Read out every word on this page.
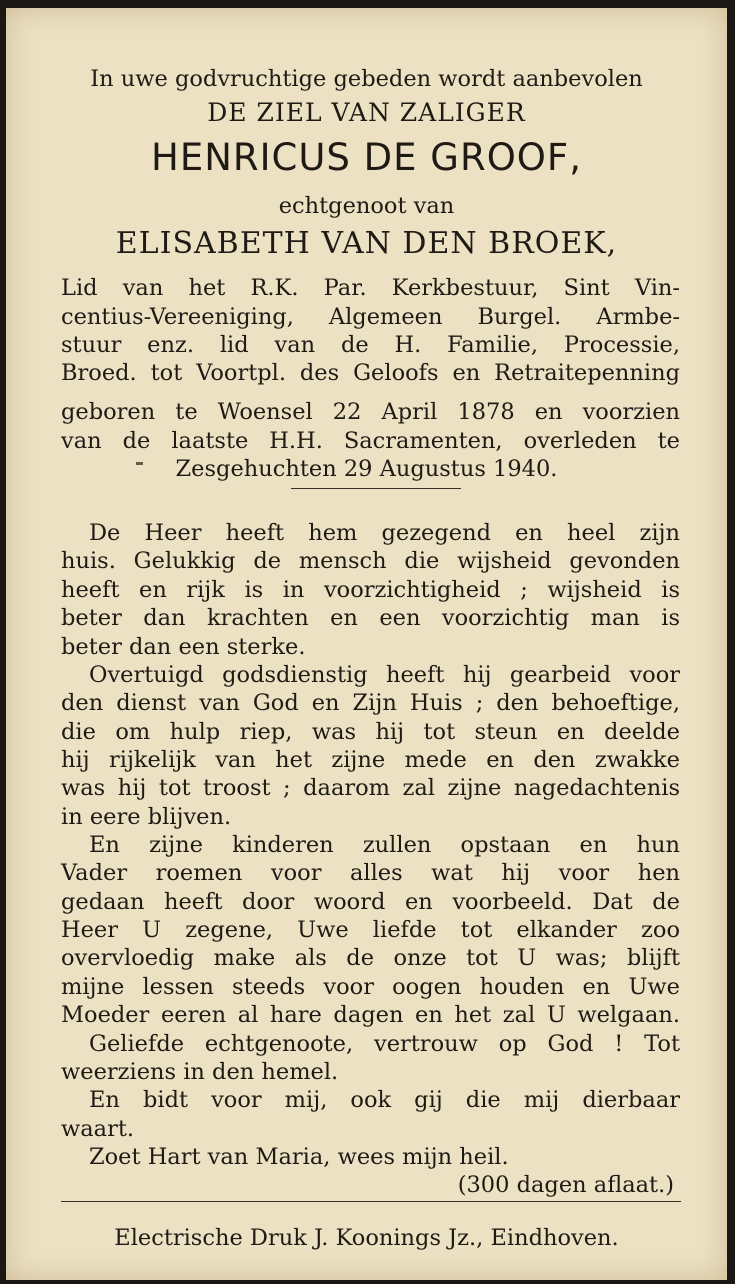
In uwe godvruchtige gebeden wordt aanbevolen
DE ZIEL VAN ZALIGER
HENRICUS DE GROOF,
echtgenoot van
ELISABETH VAN DEN BROEK,
Lid van het R.K. Par. Kerkbestuur, Sint Vin-
centius-Vereeniging, Algemeen Burgel. Armbe-
stuur enz. lid van de H. Familie, Processie,
Broed. tot Voortpl. des Geloofs en Retraitepenning
geboren te Woensel 22 April 1878 en voorzien
van de laatste H.H. Sacramenten, overleden te
Zesgehuchten 29 Augustus 1940.
De Heer heeft hem gezegend en heel zijn
huis. Gelukkig de mensch die wijsheid gevonden
heeft en rijk is in voorzichtigheid ; wijsheid is
beter dan krachten en een voorzichtig man is
beter dan een sterke.
Overtuigd godsdienstig heeft hij gearbeid voor
den dienst van God en Zijn Huis ; den behoeftige,
die om hulp riep, was hij tot steun en deelde
hij rijkelijk van het zijne mede en den zwakke
was hij tot troost ; daarom zal zijne nagedachtenis
in eere blijven.
En zijne kinderen zullen opstaan en hun
Vader roemen voor alles wat hij voor hen
gedaan heeft door woord en voorbeeld. Dat de
Heer U zegene, Uwe liefde tot elkander zoo
overvloedig make als de onze tot U was; blijft
mijne lessen steeds voor oogen houden en Uwe
Moeder eeren al hare dagen en het zal U welgaan.
Geliefde echtgenoote, vertrouw op God ! Tot
weerziens in den hemel.
En bidt voor mij, ook gij die mij dierbaar
waart.
Zoet Hart van Maria, wees mijn heil.
(300 dagen aflaat.)
Electrische Druk J. Koonings Jz., Eindhoven.
